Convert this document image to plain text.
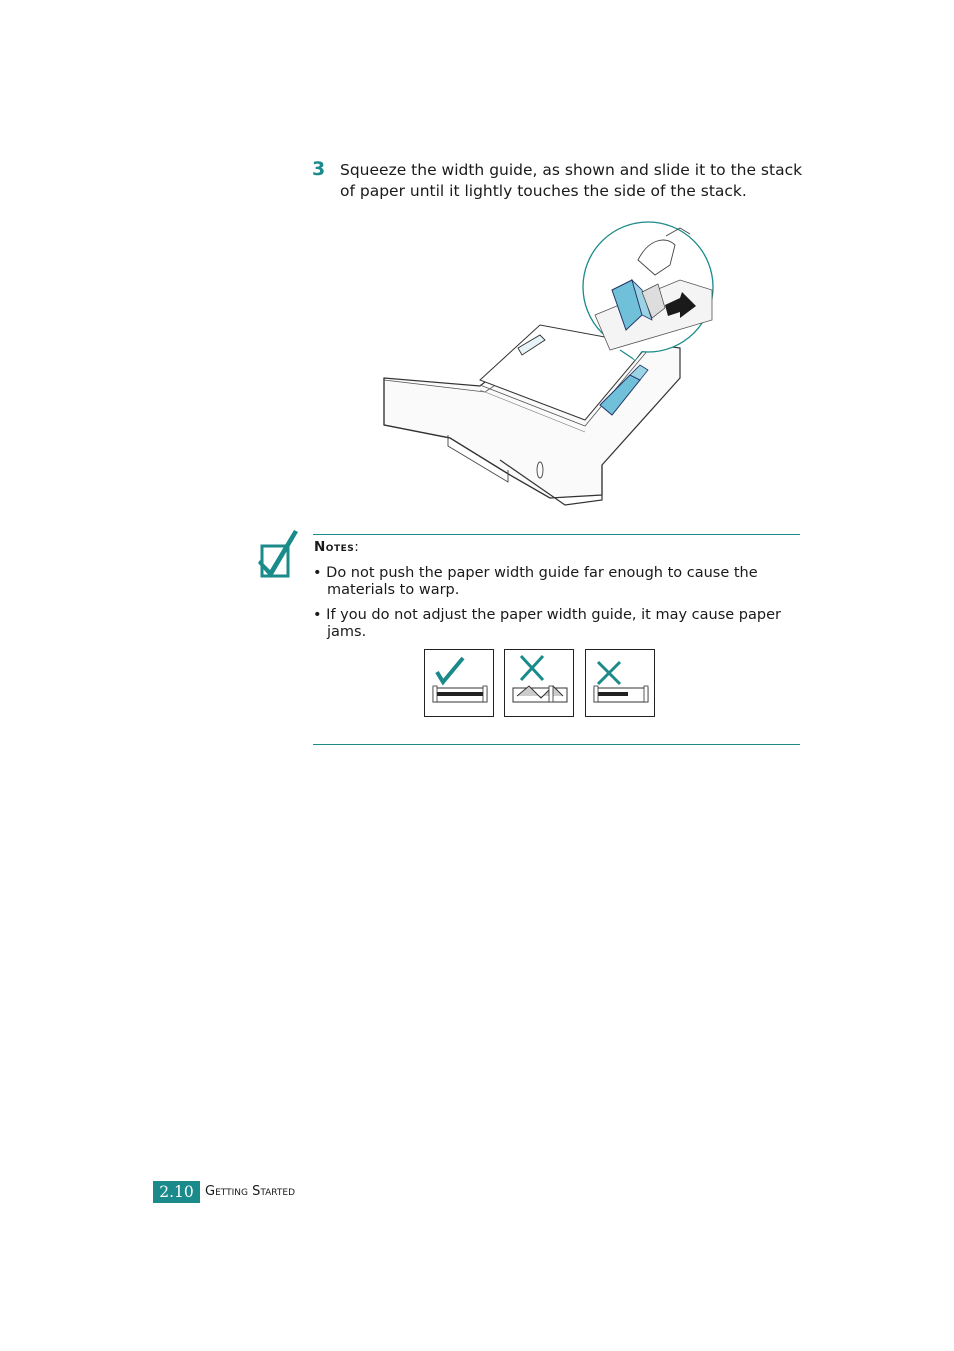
3 Squeeze the width guide, as shown and slide it to the stack of paper until it lightly touches the side of the stack.
Notes:
• Do not push the paper width guide far enough to cause the materials to warp.
• If you do not adjust the paper width guide, it may cause paper jams.
2.10 Getting Started
